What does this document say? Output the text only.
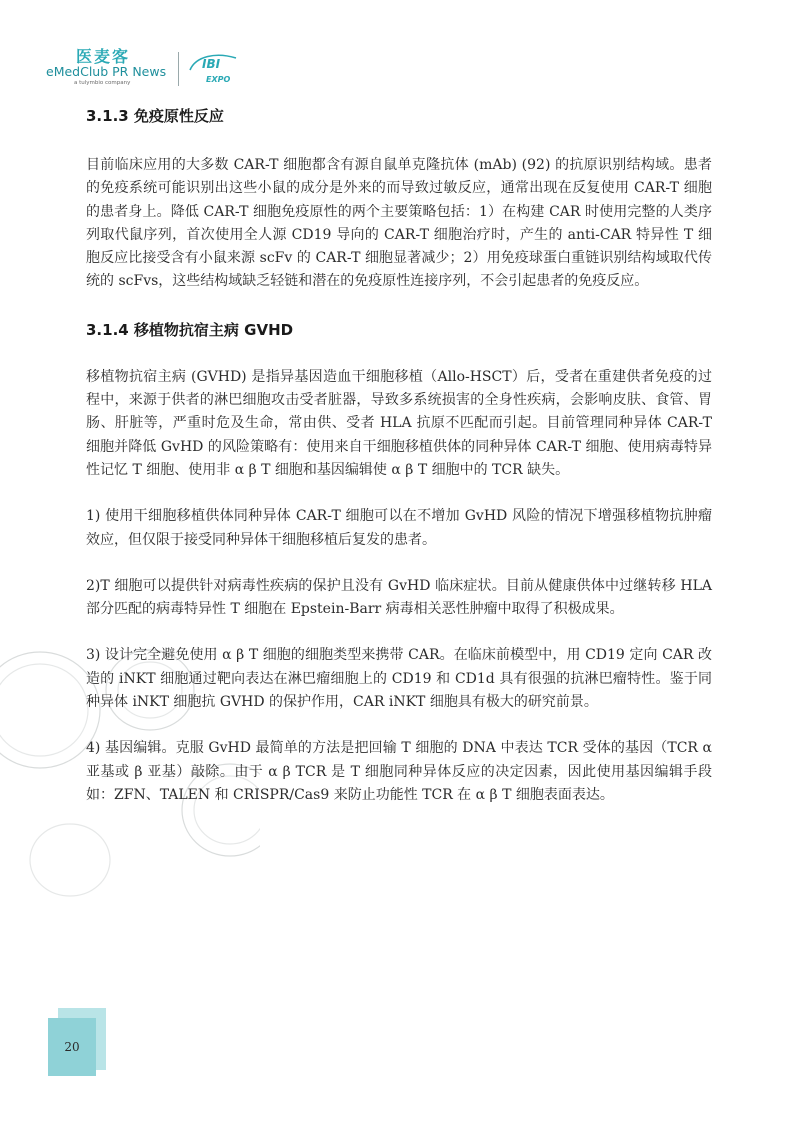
医麦客
eMedClub PR News
a tulymbio company
IBI
EXPO
3.1.3 免疫原性反应

目前临床应用的大多数 CAR-T 细胞都含有源自鼠单克隆抗体 (mAb) (92) 的抗原识别结构域。患者的免疫系统可能识别出这些小鼠的成分是外来的而导致过敏反应，通常出现在反复使用 CAR-T 细胞的患者身上。降低 CAR-T 细胞免疫原性的两个主要策略包括：1）在构建 CAR 时使用完整的人类序列取代鼠序列，首次使用全人源 CD19 导向的 CAR-T 细胞治疗时，产生的 anti-CAR 特异性 T 细胞反应比接受含有小鼠来源 scFv 的 CAR-T 细胞显著减少；2）用免疫球蛋白重链识别结构域取代传统的 scFvs，这些结构域缺乏轻链和潜在的免疫原性连接序列，不会引起患者的免疫反应。

3.1.4 移植物抗宿主病 GVHD

移植物抗宿主病 (GVHD) 是指异基因造血干细胞移植（Allo-HSCT）后，受者在重建供者免疫的过程中，来源于供者的淋巴细胞攻击受者脏器，导致多系统损害的全身性疾病，会影响皮肤、食管、胃肠、肝脏等，严重时危及生命，常由供、受者 HLA 抗原不匹配而引起。目前管理同种异体 CAR-T 细胞并降低 GvHD 的风险策略有：使用来自干细胞移植供体的同种异体 CAR-T 细胞、使用病毒特异性记忆 T 细胞、使用非 α β T 细胞和基因编辑使 α β T 细胞中的 TCR 缺失。

1) 使用干细胞移植供体同种异体 CAR-T 细胞可以在不增加 GvHD 风险的情况下增强移植物抗肿瘤效应，但仅限于接受同种异体干细胞移植后复发的患者。

2)T 细胞可以提供针对病毒性疾病的保护且没有 GvHD 临床症状。目前从健康供体中过继转移 HLA 部分匹配的病毒特异性 T 细胞在 Epstein-Barr 病毒相关恶性肿瘤中取得了积极成果。

3) 设计完全避免使用 α β T 细胞的细胞类型来携带 CAR。在临床前模型中，用 CD19 定向 CAR 改造的 iNKT 细胞通过靶向表达在淋巴瘤细胞上的 CD19 和 CD1d 具有很强的抗淋巴瘤特性。鉴于同种异体 iNKT 细胞抗 GVHD 的保护作用，CAR iNKT 细胞具有极大的研究前景。

4) 基因编辑。克服 GvHD 最简单的方法是把回输 T 细胞的 DNA 中表达 TCR 受体的基因（TCR α 亚基或 β 亚基）敲除。由于 α β TCR 是 T 细胞同种异体反应的决定因素，因此使用基因编辑手段如：ZFN、TALEN 和 CRISPR/Cas9 来防止功能性 TCR 在 α β T 细胞表面表达。

20
